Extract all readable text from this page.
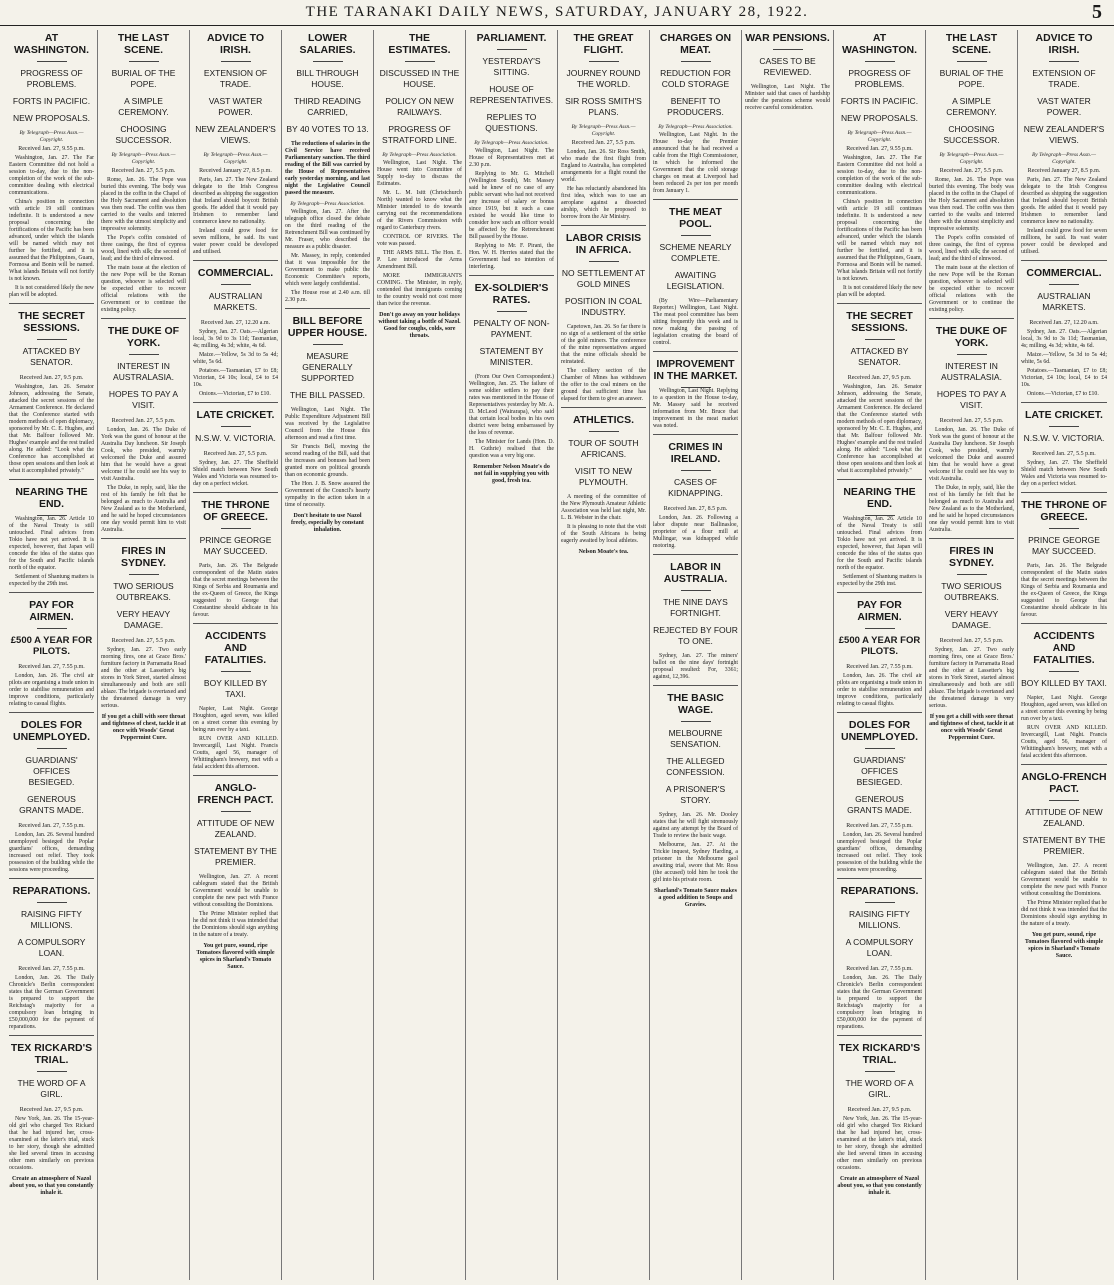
THE TARANAKI DAILY NEWS, SATURDAY, JANUARY 28, 1922.	5
AT WASHINGTON.
PROGRESS OF PROBLEMS.
FORTS IN PACIFIC.
NEW PROPOSALS.
By Telegraph—Press Assn.—Copyright.
Received Jan. 27, 9.55 p.m.

Washington, Jan. 27. The Far Eastern Committee did not hold a session to-day, due to the non-completion of the work of the sub-committee dealing with electrical communications.

China's position in connection with article 19 still continues indefinite. It is understood a new proposal concerning the fortifications of the Pacific has been advanced, under which the islands will be named which may not further be fortified, and it is assumed that the Philippines, Guam, Formosa and Bonin will be named. What islands Britain will not fortify is not known.

It is not considered likely the new plan will be adopted.

THE SECRET SESSIONS.
ATTACKED BY SENATOR.
Received Jan. 27, 9.5 p.m.

Washington, Jan. 26. Senator Johnson, addressing the Senate, attacked the secret sessions of the Armament Conference. He declared that the Conference started with modern methods of open diplomacy, sponsored by Mr. C. E. Hughes, and that Mr. Balfour followed Mr. Hughes' example and the rest trailed along. He added: "Look what the Conference has accomplished at those open sessions and then look at what it accomplished privately."

NEARING THE END.

Washington, Jan. 26. Article 10 of the Naval Treaty is still untouched. Final advices from Tokio have not yet arrived. It is expected, however, that Japan will concede the idea of the status quo for the South and Pacific islands north of the equator.

Settlement of Shantung matters is expected by the 29th inst.

PAY FOR AIRMEN.
£500 A YEAR FOR PILOTS.
Received Jan. 27, 7.55 p.m.

London, Jan. 26. The civil air pilots are organising a trade union in order to stabilise remuneration and improve conditions, particularly relating to casual flights.

DOLES FOR UNEMPLOYED.
GUARDIANS' OFFICES BESIEGED.
GENEROUS GRANTS MADE.
Received Jan. 27, 7.55 p.m.

London, Jan. 26. Several hundred unemployed besieged the Poplar guardians' offices, demanding increased out relief. They took possession of the building while the sessions were proceeding.

REPARATIONS.
RAISING FIFTY MILLIONS.
A COMPULSORY LOAN.
Received Jan. 27, 7.55 p.m.

London, Jan. 26. The Daily Chronicle's Berlin correspondent states that the German Government is prepared to support the Reichstag's majority for a compulsory loan bringing in £50,000,000 for the payment of reparations.

TEX RICKARD'S TRIAL.
THE WORD OF A GIRL.
Received Jan. 27, 9.5 p.m.

New York, Jan. 26. The 15-year-old girl who charged Tex Rickard that he had injured her, cross-examined at the latter's trial, stuck to her story, though she admitted she lied several times in accusing other men similarly on previous occasions.

Create an atmosphere of Nazol about you, so that you constantly inhale it.
THE LAST SCENE.
BURIAL OF THE POPE.
A SIMPLE CEREMONY.
CHOOSING SUCCESSOR.
By Telegraph—Press Assn.—Copyright.
Received Jan. 27, 5.5 p.m.

Rome, Jan. 26. The Pope was buried this evening. The body was placed in the coffin in the Chapel of the Holy Sacrament and absolution was then read. The coffin was then carried to the vaults and interred there with the utmost simplicity and impressive solemnity.

The Pope's coffin consisted of three casings, the first of cypress wood, lined with silk; the second of lead; and the third of elmwood.

The main issue at the election of the new Pope will be the Roman question, whoever is selected will be expected either to recover official relations with the Government or to continue the existing policy.

THE DUKE OF YORK.
INTEREST IN AUSTRALASIA.
HOPES TO PAY A VISIT.
Received Jan. 27, 5.5 p.m.

London, Jan. 26. The Duke of York was the guest of honour at the Australia Day luncheon. Sir Joseph Cook, who presided, warmly welcomed the Duke and assured him that he would have a great welcome if he could see his way to visit Australia.

The Duke, in reply, said, like the rest of his family he felt that he belonged as much to Australia and New Zealand as to the Motherland, and he said he hoped circumstances one day would permit him to visit Australia.

FIRES IN SYDNEY.
TWO SERIOUS OUTBREAKS.
VERY HEAVY DAMAGE.
Received Jan. 27, 5.5 p.m.

Sydney, Jan. 27. Two early morning fires, one at Grace Bros.' furniture factory in Parramatta Road and the other at Lassetter's big stores in York Street, started almost simultaneously and both are still ablaze. The brigade is overtaxed and the threatened damage is very serious.

If you get a chill with sore throat and tightness of chest, tackle it at once with Woods' Great Peppermint Cure.
ADVICE TO IRISH.
EXTENSION OF TRADE.
VAST WATER POWER.
NEW ZEALANDER'S VIEWS.
By Telegraph—Press Assn.—Copyright.
Received January 27, 8.5 p.m.

Paris, Jan. 27. The New Zealand delegate to the Irish Congress described as shipping the suggestion that Ireland should boycott British goods. He added that it would pay Irishmen to remember land commerce knew no nationality.

Ireland could grow food for seven millions, he said. Its vast water power could be developed and utilised.

COMMERCIAL.
AUSTRALIAN MARKETS.
Received Jan. 27, 12.20 a.m.

Sydney, Jan. 27. Oats.—Algerian local, 3s 9d to 3s 11d; Tasmanian, 4s; milling, 4s 3d; white, 4s 6d.

Maize.—Yellow, 5s 3d to 5s 4d; white, 5s 6d.

Potatoes.—Tasmanian, £7 to £8; Victorian, £4 10s; local, £4 to £4 10s.

Onions.—Victorian, £7 to £10.

LATE CRICKET.
N.S.W. V. VICTORIA.
Received Jan. 27, 5.5 p.m.

Sydney, Jan. 27. The Sheffield Shield match between New South Wales and Victoria was resumed to-day on a perfect wicket.

THE THRONE OF GREECE.
PRINCE GEORGE MAY SUCCEED.

Paris, Jan. 26. The Belgrade correspondent of the Matin states that the secret meetings between the Kings of Serbia and Roumania and the ex-Queen of Greece, the Kings suggested to George that Constantine should abdicate in his favour.

ACCIDENTS AND FATALITIES.
BOY KILLED BY TAXI.

Napier, Last Night. George Houghton, aged seven, was killed on a street corner this evening by being run over by a taxi.

RUN OVER AND KILLED. Invercargill, Last Night. Francis Coutts, aged 56, manager of Whittingham's brewery, met with a fatal accident this afternoon.

ANGLO-FRENCH PACT.
ATTITUDE OF NEW ZEALAND.
STATEMENT BY THE PREMIER.

Wellington, Jan. 27. A recent cablegram stated that the British Government would be unable to complete the new pact with France without consulting the Dominions.

The Prime Minister replied that he did not think it was intended that the Dominions should sign anything in the nature of a treaty.

You get pure, sound, ripe Tomatoes flavored with simple spices in Sharland's Tomato Sauce.
LOWER SALARIES.
BILL THROUGH HOUSE.
THIRD READING CARRIED,
BY 40 VOTES TO 13.

The reductions of salaries in the Civil Service have received Parliamentary sanction. The third reading of the Bill was carried by the House of Representatives early yesterday morning, and last night the Legislative Council passed the measure.

By Telegraph—Press Association.

Wellington, Jan. 27. After the telegraph office closed the debate on the third reading of the Retrenchment Bill was continued by Mr. Fraser, who described the measure as a public disaster.

Mr. Massey, in reply, contended that it was impossible for the Government to make public the Economic Committee's reports, which were largely confidential.

The House rose at 2.40 a.m. till 2.30 p.m.

BILL BEFORE UPPER HOUSE.
MEASURE GENERALLY SUPPORTED
THE BILL PASSED.

Wellington, Last Night. The Public Expenditure Adjustment Bill was received by the Legislative Council from the House this afternoon and read a first time.

Sir Francis Bell, moving the second reading of the Bill, said that the increases and bonuses had been granted more on political grounds than on economic grounds.

The Hon. J. B. Snow assured the Government of the Council's hearty sympathy in the action taken in a time of necessity.

Don't hesitate to use Nazol freely, especially by constant inhalation.
THE ESTIMATES.
DISCUSSED IN THE HOUSE.
POLICY ON NEW RAILWAYS.
PROGRESS OF STRATFORD LINE.
By Telegraph—Press Association.

Wellington, Last Night. The House went into Committee of Supply to-day to discuss the Estimates.

Mr. L. M. Isitt (Christchurch North) wanted to know what the Minister intended to do towards carrying out the recommendations of the Rivers Commission with regard to Canterbury rivers.

CONTROL OF RIVERS. The vote was passed.

THE ARMS BILL. The Hon. E. P. Lee introduced the Arms Amendment Bill.

MORE IMMIGRANTS COMING. The Minister, in reply, contended that immigrants coming to the country would not cost more than twice the revenue.

Don't go away on your holidays without taking a bottle of Nazol. Good for coughs, colds, sore throats.
PARLIAMENT.
YESTERDAY'S SITTING.
HOUSE OF REPRESENTATIVES.
REPLIES TO QUESTIONS.
By Telegraph—Press Association.

Wellington, Last Night. The House of Representatives met at 2.30 p.m.

Replying to Mr. G. Mitchell (Wellington South), Mr. Massey said he knew of no case of any public servant who had not received any increase of salary or bonus since 1919, but it such a case existed he would like time to consider how such an officer would be affected by the Retrenchment Bill passed by the House.

Replying to Mr. F. Pirani, the Hon. W. H. Herries stated that the Government had no intention of interfering.

EX-SOLDIER'S RATES.
PENALTY OF NON-PAYMENT.
STATEMENT BY MINISTER.

(From Our Own Correspondent.) Wellington, Jan. 25. The failure of some soldier settlers to pay their rates was mentioned in the House of Representatives yesterday by Mr. A. D. McLeod (Wairarapa), who said that certain local bodies in his own district were being embarrassed by the loss of revenue.

The Minister for Lands (Hon. D. H. Guthrie) realised that the question was a very big one.

Remember Nelson Moate's do not fail in supplying you with good, fresh tea.
THE GREAT FLIGHT.
JOURNEY ROUND THE WORLD.
SIR ROSS SMITH'S PLANS.
By Telegraph—Press Assn.—Copyright.
Received Jan. 27, 5.5 p.m.

London, Jan. 26. Sir Ross Smith, who made the first flight from England to Australia, has completed arrangements for a flight round the world.

He has reluctantly abandoned his first idea, which was to use an aeroplane against a dissected airship, which he proposed to borrow from the Air Ministry.

LABOR CRISIS IN AFRICA.
NO SETTLEMENT AT GOLD MINES
POSITION IN COAL INDUSTRY.

Capetown, Jan. 26. So far there is no sign of a settlement of the strike of the gold miners. The conference of the mine representatives argued that the mine officials should be reinstated.

The colliery section of the Chamber of Mines has withdrawn the offer to the coal miners on the ground that sufficient time has elapsed for them to give an answer.

ATHLETICS.
TOUR OF SOUTH AFRICANS.
VISIT TO NEW PLYMOUTH.

A meeting of the committee of the New Plymouth Amateur Athletic Association was held last night, Mr. L. B. Webster in the chair.

It is pleasing to note that the visit of the South Africans is being eagerly awaited by local athletes.

Nelson Moate's tea.
CHARGES ON MEAT.
REDUCTION FOR COLD STORAGE
BENEFIT TO PRODUCERS.
By Telegraph—Press Association.

Wellington, Last Night. In the House to-day the Premier announced that he had received a cable from the High Commissioner, in which he informed the Government that the cold storage charges on meat at Liverpool had been reduced 2s per ton per month from January 1.

THE MEAT POOL.
SCHEME NEARLY COMPLETE.
AWAITING LEGISLATION.

(By Wire—Parliamentary Reporter.) Wellington, Last Night. The meat pool committee has been sitting frequently this week and is now making the passing of legislation creating the board of control.

IMPROVEMENT IN THE MARKET.

Wellington, Last Night. Replying to a question in the House to-day, Mr. Massey said he received information from Mr. Bruce that improvement in the meat market was noted.

CRIMES IN IRELAND.
CASES OF KIDNAPPING.
Received Jan. 27, 8.5 p.m.

London, Jan. 26. Following a labor dispute near Ballinasloe, proprietor of a flour mill at Mullingar, was kidnapped while motoring.

LABOR IN AUSTRALIA.
THE NINE DAYS FORTNIGHT.
REJECTED BY FOUR TO ONE.

Sydney, Jan. 27. The miners' ballot on the nine days' fortnight proposal resulted: For, 3361; against, 12,396.

THE BASIC WAGE.
MELBOURNE SENSATION.
THE ALLEGED CONFESSION.
A PRISONER'S STORY.

Sydney, Jan. 26. Mr. Dooley states that he will fight strenuously against any attempt by the Board of Trade to review the basic wage.

Melbourne, Jan. 27. At the Trickie inquest, Sydney Harding, a prisoner in the Melbourne gaol awaiting trial, swore that Mr. Ross (the accused) told him he took the girl into his private room.

Sharland's Tomato Sauce makes a good addition to Soups and Gravies.
WAR PENSIONS.
CASES TO BE REVIEWED.

Wellington, Last Night. The Minister said that cases of hardship under the pensions scheme would receive careful consideration.

AT WASHINGTON.
PROGRESS OF PROBLEMS.
FORTS IN PACIFIC.
NEW PROPOSALS.
By Telegraph—Press Assn.—Copyright.
Received Jan. 27, 9.55 p.m.

Washington, Jan. 27. The Far Eastern Committee did not hold a session to-day, due to the non-completion of the work of the sub-committee dealing with electrical communications.

China's position in connection with article 19 still continues indefinite. It is understood a new proposal concerning the fortifications of the Pacific has been advanced, under which the islands will be named which may not further be fortified, and it is assumed that the Philippines, Guam, Formosa and Bonin will be named. What islands Britain will not fortify is not known.

It is not considered likely the new plan will be adopted.

THE SECRET SESSIONS.
ATTACKED BY SENATOR.
Received Jan. 27, 9.5 p.m.

Washington, Jan. 26. Senator Johnson, addressing the Senate, attacked the secret sessions of the Armament Conference. He declared that the Conference started with modern methods of open diplomacy, sponsored by Mr. C. E. Hughes, and that Mr. Balfour followed Mr. Hughes' example and the rest trailed along. He added: "Look what the Conference has accomplished at those open sessions and then look at what it accomplished privately."

NEARING THE END.

Washington, Jan. 26. Article 10 of the Naval Treaty is still untouched. Final advices from Tokio have not yet arrived. It is expected, however, that Japan will concede the idea of the status quo for the South and Pacific islands north of the equator.

Settlement of Shantung matters is expected by the 29th inst.

PAY FOR AIRMEN.
£500 A YEAR FOR PILOTS.
Received Jan. 27, 7.55 p.m.

London, Jan. 26. The civil air pilots are organising a trade union in order to stabilise remuneration and improve conditions, particularly relating to casual flights.

DOLES FOR UNEMPLOYED.
GUARDIANS' OFFICES BESIEGED.
GENEROUS GRANTS MADE.
Received Jan. 27, 7.55 p.m.

London, Jan. 26. Several hundred unemployed besieged the Poplar guardians' offices, demanding increased out relief. They took possession of the building while the sessions were proceeding.

REPARATIONS.
RAISING FIFTY MILLIONS.
A COMPULSORY LOAN.
Received Jan. 27, 7.55 p.m.

London, Jan. 26. The Daily Chronicle's Berlin correspondent states that the German Government is prepared to support the Reichstag's majority for a compulsory loan bringing in £50,000,000 for the payment of reparations.

TEX RICKARD'S TRIAL.
THE WORD OF A GIRL.
Received Jan. 27, 9.5 p.m.

New York, Jan. 26. The 15-year-old girl who charged Tex Rickard that he had injured her, cross-examined at the latter's trial, stuck to her story, though she admitted she lied several times in accusing other men similarly on previous occasions.

Create an atmosphere of Nazol about you, so that you constantly inhale it.
THE LAST SCENE.
BURIAL OF THE POPE.
A SIMPLE CEREMONY.
CHOOSING SUCCESSOR.
By Telegraph—Press Assn.—Copyright.
Received Jan. 27, 5.5 p.m.

Rome, Jan. 26. The Pope was buried this evening. The body was placed in the coffin in the Chapel of the Holy Sacrament and absolution was then read. The coffin was then carried to the vaults and interred there with the utmost simplicity and impressive solemnity.

The Pope's coffin consisted of three casings, the first of cypress wood, lined with silk; the second of lead; and the third of elmwood.

The main issue at the election of the new Pope will be the Roman question, whoever is selected will be expected either to recover official relations with the Government or to continue the existing policy.

THE DUKE OF YORK.
INTEREST IN AUSTRALASIA.
HOPES TO PAY A VISIT.
Received Jan. 27, 5.5 p.m.

London, Jan. 26. The Duke of York was the guest of honour at the Australia Day luncheon. Sir Joseph Cook, who presided, warmly welcomed the Duke and assured him that he would have a great welcome if he could see his way to visit Australia.

The Duke, in reply, said, like the rest of his family he felt that he belonged as much to Australia and New Zealand as to the Motherland, and he said he hoped circumstances one day would permit him to visit Australia.

FIRES IN SYDNEY.
TWO SERIOUS OUTBREAKS.
VERY HEAVY DAMAGE.
Received Jan. 27, 5.5 p.m.

Sydney, Jan. 27. Two early morning fires, one at Grace Bros.' furniture factory in Parramatta Road and the other at Lassetter's big stores in York Street, started almost simultaneously and both are still ablaze. The brigade is overtaxed and the threatened damage is very serious.

If you get a chill with sore throat and tightness of chest, tackle it at once with Woods' Great Peppermint Cure.
ADVICE TO IRISH.
EXTENSION OF TRADE.
VAST WATER POWER.
NEW ZEALANDER'S VIEWS.
By Telegraph—Press Assn.—Copyright.
Received January 27, 8.5 p.m.

Paris, Jan. 27. The New Zealand delegate to the Irish Congress described as shipping the suggestion that Ireland should boycott British goods. He added that it would pay Irishmen to remember land commerce knew no nationality.

Ireland could grow food for seven millions, he said. Its vast water power could be developed and utilised.

COMMERCIAL.
AUSTRALIAN MARKETS.
Received Jan. 27, 12.20 a.m.

Sydney, Jan. 27. Oats.—Algerian local, 3s 9d to 3s 11d; Tasmanian, 4s; milling, 4s 3d; white, 4s 6d.

Maize.—Yellow, 5s 3d to 5s 4d; white, 5s 6d.

Potatoes.—Tasmanian, £7 to £8; Victorian, £4 10s; local, £4 to £4 10s.

Onions.—Victorian, £7 to £10.

LATE CRICKET.
N.S.W. V. VICTORIA.
Received Jan. 27, 5.5 p.m.

Sydney, Jan. 27. The Sheffield Shield match between New South Wales and Victoria was resumed to-day on a perfect wicket.

THE THRONE OF GREECE.
PRINCE GEORGE MAY SUCCEED.

Paris, Jan. 26. The Belgrade correspondent of the Matin states that the secret meetings between the Kings of Serbia and Roumania and the ex-Queen of Greece, the Kings suggested to George that Constantine should abdicate in his favour.

ACCIDENTS AND FATALITIES.
BOY KILLED BY TAXI.

Napier, Last Night. George Houghton, aged seven, was killed on a street corner this evening by being run over by a taxi.

RUN OVER AND KILLED. Invercargill, Last Night. Francis Coutts, aged 56, manager of Whittingham's brewery, met with a fatal accident this afternoon.

ANGLO-FRENCH PACT.
ATTITUDE OF NEW ZEALAND.
STATEMENT BY THE PREMIER.

Wellington, Jan. 27. A recent cablegram stated that the British Government would be unable to complete the new pact with France without consulting the Dominions.

The Prime Minister replied that he did not think it was intended that the Dominions should sign anything in the nature of a treaty.

You get pure, sound, ripe Tomatoes flavored with simple spices in Sharland's Tomato Sauce.
